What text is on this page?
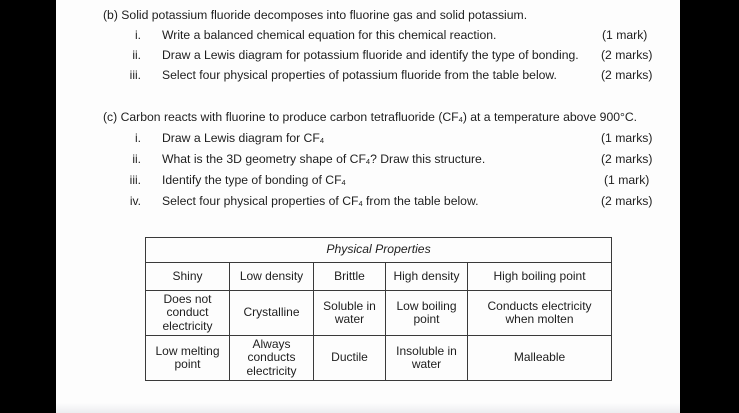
(b) Solid potassium fluoride decomposes into fluorine gas and solid potassium.
i. Write a balanced chemical equation for this chemical reaction.	(1 mark)
ii. Draw a Lewis diagram for potassium fluoride and identify the type of bonding. (2 marks)
iii. Select four physical properties of potassium fluoride from the table below.	(2 marks)
(c) Carbon reacts with fluorine to produce carbon tetrafluoride $(CF_4)$ at a temperature above 900°C.
i. Draw a Lewis diagram for $CF_4$	(1 marks)
ii. What is the 3D geometry shape of $CF_4$? Draw this structure.	(2 marks)
iii. Identify the type of bonding of $CF_4$	(1 mark)
iv. Select four physical properties of $CF_4$ from the table below.	(2 marks)
Physical Properties				
Shiny	Low density	Brittle	High density	High boiling point
Does not conduct electricity	Crystalline	Soluble in water	Low boiling point	Conducts electricity when molten
Low melting point	Always conducts electricity	Ductile	Insoluble in water	Malleable
